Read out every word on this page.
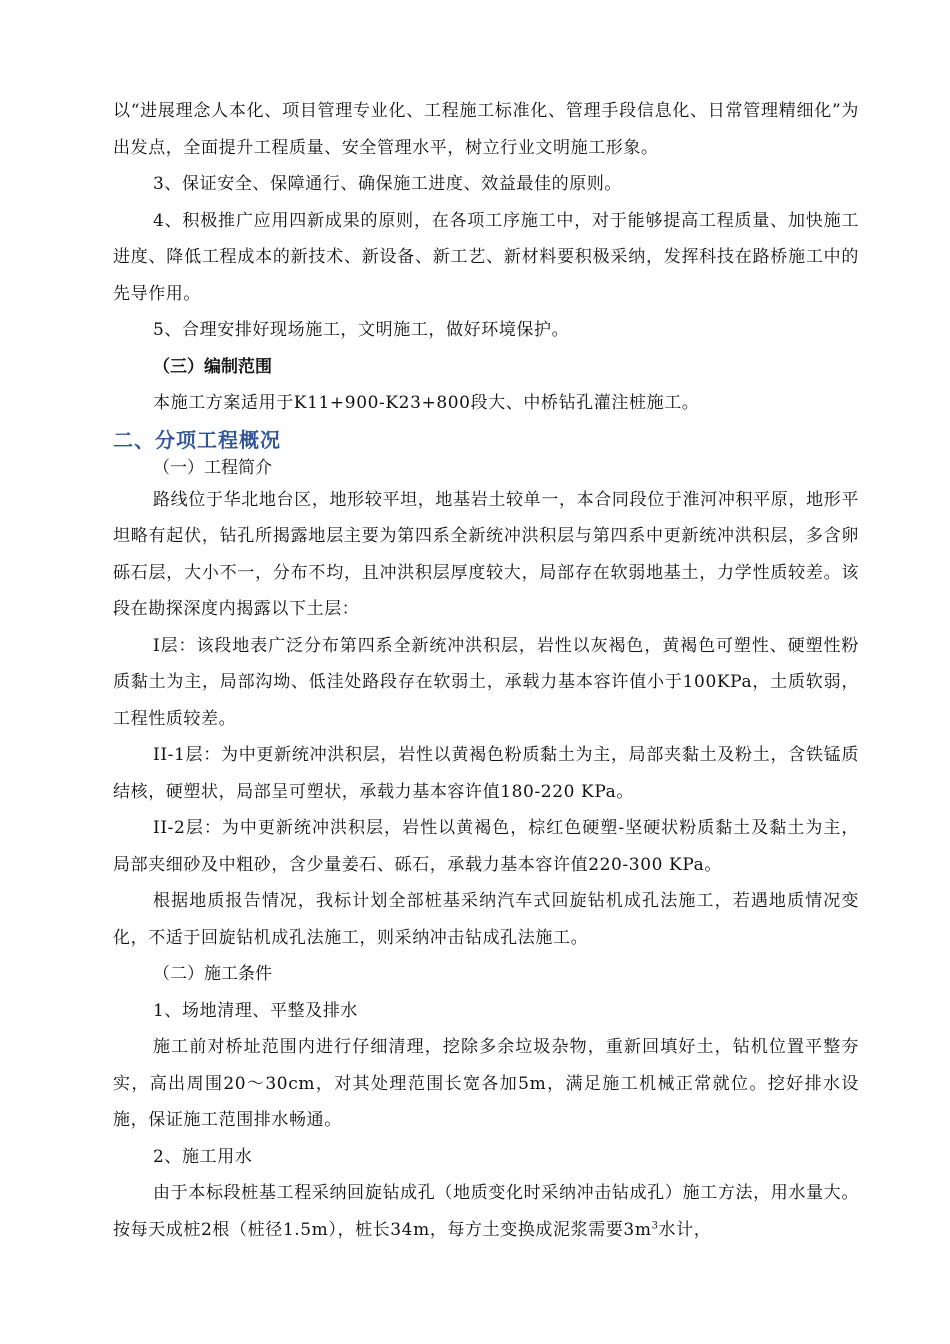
以“进展理念人本化、项目管理专业化、工程施工标准化、管理手段信息化、日常管理精细化”为出发点，全面提升工程质量、安全管理水平，树立行业文明施工形象。

3、保证安全、保障通行、确保施工进度、效益最佳的原则。

4、积极推广应用四新成果的原则，在各项工序施工中，对于能够提高工程质量、加快施工进度、降低工程成本的新技术、新设备、新工艺、新材料要积极采纳，发挥科技在路桥施工中的先导作用。

5、合理安排好现场施工，文明施工，做好环境保护。

（三）编制范围

本施工方案适用于K11+900-K23+800段大、中桥钻孔灌注桩施工。

二、分项工程概况

（一）工程简介

路线位于华北地台区，地形较平坦，地基岩土较单一，本合同段位于淮河冲积平原，地形平坦略有起伏，钻孔所揭露地层主要为第四系全新统冲洪积层与第四系中更新统冲洪积层，多含卵砾石层，大小不一，分布不均，且冲洪积层厚度较大，局部存在软弱地基土，力学性质较差。该段在勘探深度内揭露以下土层：

I层：该段地表广泛分布第四系全新统冲洪积层，岩性以灰褐色，黄褐色可塑性、硬塑性粉质黏土为主，局部沟坳、低洼处路段存在软弱土，承载力基本容许值小于100KPa，土质软弱，工程性质较差。

II-1层：为中更新统冲洪积层，岩性以黄褐色粉质黏土为主，局部夹黏土及粉土，含铁锰质结核，硬塑状，局部呈可塑状，承载力基本容许值180-220 KPa。

II-2层：为中更新统冲洪积层，岩性以黄褐色，棕红色硬塑-坚硬状粉质黏土及黏土为主，局部夹细砂及中粗砂，含少量姜石、砾石，承载力基本容许值220-300 KPa。

根据地质报告情况，我标计划全部桩基采纳汽车式回旋钻机成孔法施工，若遇地质情况变化，不适于回旋钻机成孔法施工，则采纳冲击钻成孔法施工。

（二）施工条件

1、场地清理、平整及排水

施工前对桥址范围内进行仔细清理，挖除多余垃圾杂物，重新回填好土，钻机位置平整夯实，高出周围20～30cm，对其处理范围长宽各加5m，满足施工机械正常就位。挖好排水设施，保证施工范围排水畅通。

2、施工用水

由于本标段桩基工程采纳回旋钻成孔（地质变化时采纳冲击钻成孔）施工方法，用水量大。按每天成桩2根（桩径1.5m），桩长34m，每方土变换成泥浆需要$3m^3$水计，
